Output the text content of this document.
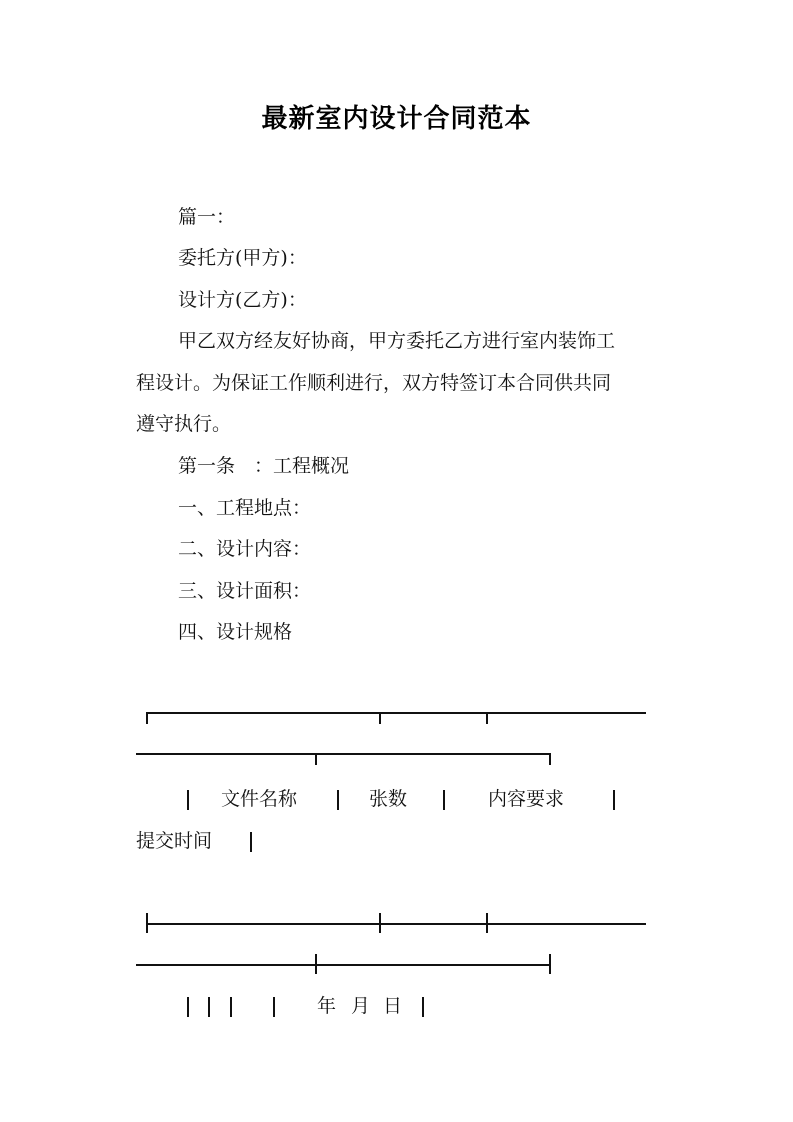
最新室内设计合同范本
篇一：
委托方(甲方)：
设计方(乙方)：
甲乙双方经友好协商，甲方委托乙方进行室内装饰工
程设计。为保证工作顺利进行，双方特签订本合同供共同
遵守执行。
第一条　：工程概况
一、工程地点：
二、设计内容：
三、设计面积：
四、设计规格
文件名称	张数	内容要求
提交时间
年 月 日
